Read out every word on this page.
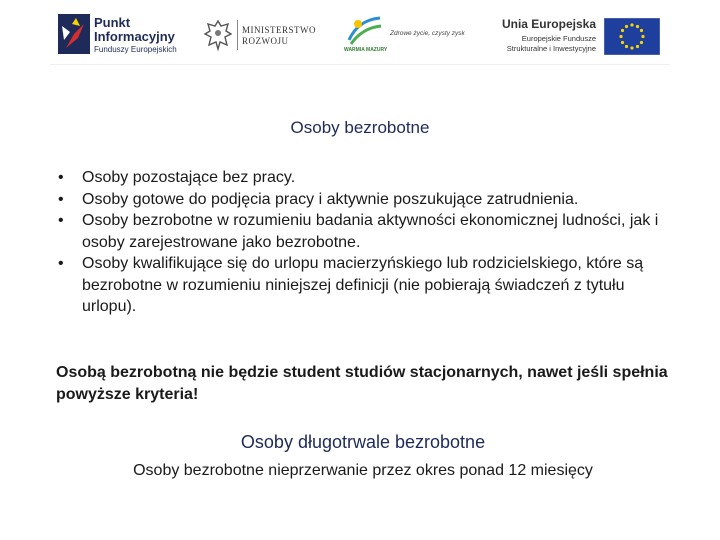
Punkt
Informacyjny
Funduszy Europejskich
MINISTERSTWO
ROZWOJU
WARMIA MAZURY
Zdrowe życie, czysty zysk
Unia Europejska
Europejskie Fundusze
Strukturalne i Inwestycyjne
Osoby bezrobotne
• Osoby pozostające bez pracy.
• Osoby gotowe do podjęcia pracy i aktywnie poszukujące zatrudnienia.
• Osoby bezrobotne w rozumieniu badania aktywności ekonomicznej ludności, jak i osoby zarejestrowane jako bezrobotne.
• Osoby kwalifikujące się do urlopu macierzyńskiego lub rodzicielskiego, które są bezrobotne w rozumieniu niniejszej definicji (nie pobierają świadczeń z tytułu urlopu).

Osobą bezrobotną nie będzie student studiów stacjonarnych, nawet jeśli spełnia powyższe kryteria!

Osoby długotrwale bezrobotne

Osoby bezrobotne nieprzerwanie przez okres ponad 12 miesięcy
